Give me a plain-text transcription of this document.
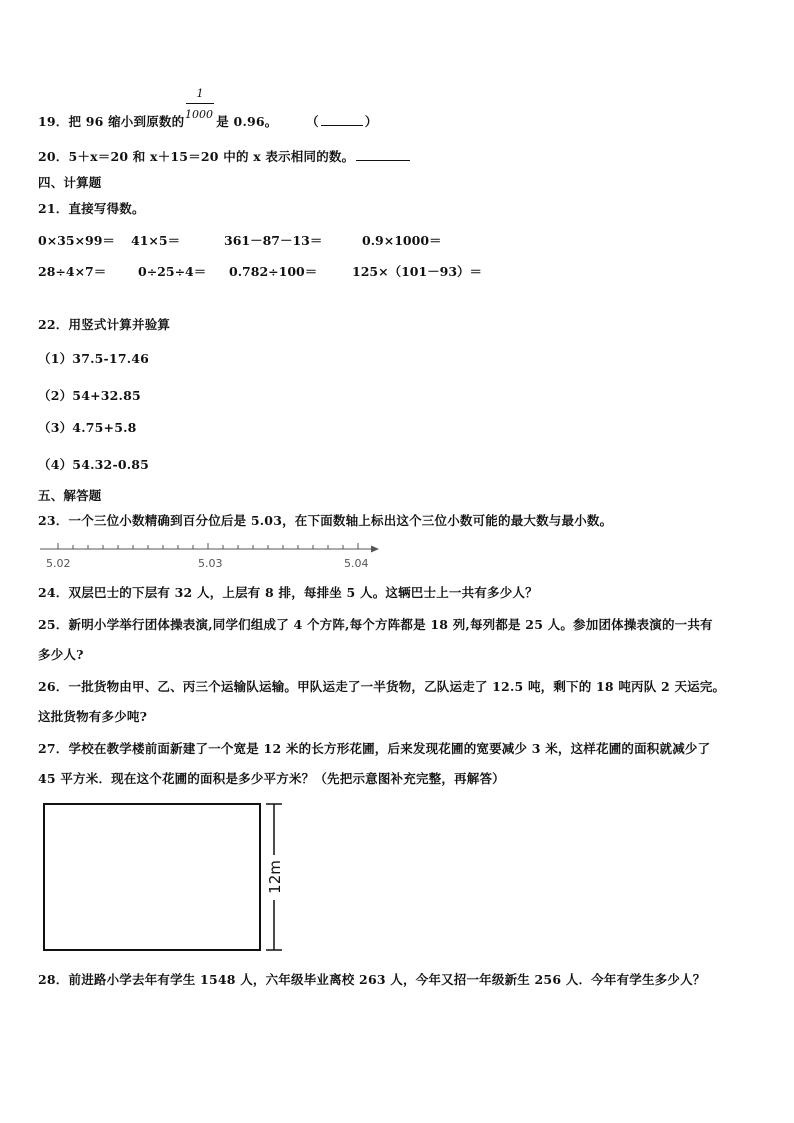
1
1000
19．把 96 缩小到原数的	是 0.96。 （	）
20．5＋x＝20 和 x＋15＝20 中的 x 表示相同的数。
四、计算题
21．直接写得数。
0×35×99＝ 41×5＝	361－87－13＝	0.9×1000＝
28÷4×7＝	0÷25÷4＝ 0.782÷100＝	125×（101－93）＝
22．用竖式计算并验算
（1）37.5-17.46
（2）54+32.85
（3）4.75+5.8
（4）54.32-0.85
五、解答题
23．一个三位小数精确到百分位后是 5.03，在下面数轴上标出这个三位小数可能的最大数与最小数。
5.02	5.03	5.04
24．双层巴士的下层有 32 人，上层有 8 排，每排坐 5 人。这辆巴士上一共有多少人？
25．新明小学举行团体操表演,同学们组成了 4 个方阵,每个方阵都是 18 列,每列都是 25 人。参加团体操表演的一共有
多少人?
26．一批货物由甲、乙、丙三个运输队运输。甲队运走了一半货物，乙队运走了 12.5 吨，剩下的 18 吨丙队 2 天运完。
这批货物有多少吨?
27．学校在教学楼前面新建了一个宽是 12 米的长方形花圃，后来发现花圃的宽要减少 3 米，这样花圃的面积就减少了
45 平方米．现在这个花圃的面积是多少平方米？（先把示意图补充完整，再解答）
12m
28．前进路小学去年有学生 1548 人，六年级毕业离校 263 人，今年又招一年级新生 256 人．今年有学生多少人？
